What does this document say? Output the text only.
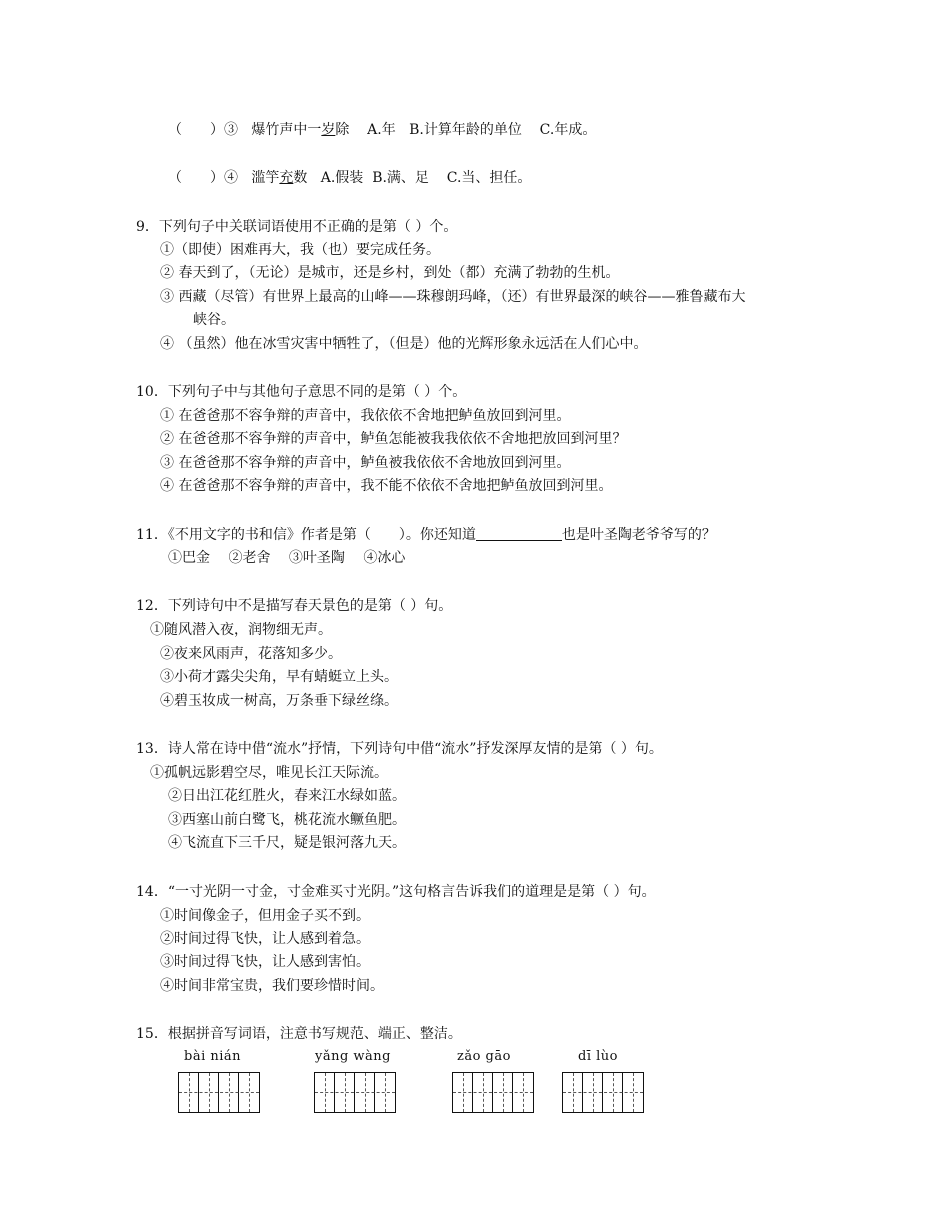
（　　）③ 爆竹声中一岁除 A.年 B.计算年龄的单位 C.年成。
（　　）④ 滥竽充数 A.假装 B.满、足 C.当、担任。
9．下列句子中关联词语使用不正确的是第（ ）个。
①（即使）困难再大，我（也）要完成任务。
② 春天到了，（无论）是城市，还是乡村，到处（都）充满了勃勃的生机。
③ 西藏（尽管）有世界上最高的山峰——珠穆朗玛峰，（还）有世界最深的峡谷——雅鲁藏布大
峡谷。
④ （虽然）他在冰雪灾害中牺牲了，（但是）他的光辉形象永远活在人们心中。
10．下列句子中与其他句子意思不同的是第（ ）个。
① 在爸爸那不容争辩的声音中，我依依不舍地把鲈鱼放回到河里。
② 在爸爸那不容争辩的声音中，鲈鱼怎能被我我依依不舍地把放回到河里？
③ 在爸爸那不容争辩的声音中，鲈鱼被我依依不舍地放回到河里。
④ 在爸爸那不容争辩的声音中，我不能不依依不舍地把鲈鱼放回到河里。
11．《不用文字的书和信》作者是第（　　）。你还知道	也是叶圣陶老爷爷写的？
①巴金　 ②老舍　 ③叶圣陶　 ④冰心
12．下列诗句中不是描写春天景色的是第（ ）句。
①随风潜入夜，润物细无声。
②夜来风雨声，花落知多少。
③小荷才露尖尖角，早有蜻蜓立上头。
④碧玉妆成一树高，万条垂下绿丝绦。
13．诗人常在诗中借“流水”抒情，下列诗句中借“流水”抒发深厚友情的是第（ ）句。
①孤帆远影碧空尽，唯见长江天际流。
②日出江花红胜火，春来江水绿如蓝。
③西塞山前白鹭飞，桃花流水鳜鱼肥。
④飞流直下三千尺，疑是银河落九天。
14．“一寸光阴一寸金，寸金难买寸光阴。”这句格言告诉我们的道理是是第（ ）句。
①时间像金子，但用金子买不到。
②时间过得飞快，让人感到着急。
③时间过得飞快，让人感到害怕。
④时间非常宝贵，我们要珍惜时间。
15．根据拼音写词语，注意书写规范、端正、整洁。
bài nián	yǎng wàng	zǎo gāo	dī lùo
